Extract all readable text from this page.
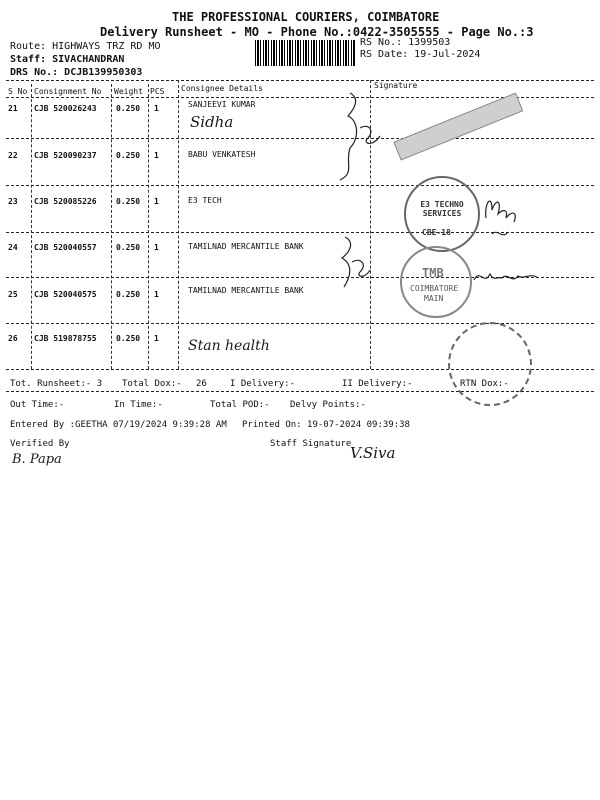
THE PROFESSIONAL COURIERS, COIMBATORE
Delivery Runsheet - MO - Phone No.:0422-3505555 - Page No.:3
Route: HIGHWAYS TRZ RD MO
Staff: SIVACHANDRAN
DRS No.: DCJB139950303
RS No.: 1399503
RS Date: 19-Jul-2024
S No Consignment No Weight PCS Consignee Details	Signature
21 CJB 520026243 0.250 1	SANJEEVI KUMAR
Sidha
22 CJB 520090237 0.250 1	BABU VENKATESH
23 CJB 520085226 0.250 1	E3 TECH
24 CJB 520040557 0.250 1	TAMILNAD MERCANTILE BANK
25 CJB 520040575 0.250 1	TAMILNAD MERCANTILE BANK
26 CJB 519878755 0.250 1 Stan health
E3 TECHNO SERVICES
CBE-18
TMB
COIMBATORE
MAIN
Tot. Runsheet:- 3 Total Dox:- 26	I Delivery:-	II Delivery:-	RTN Dox:-
Out Time:-	In Time:-	Total POD:- Delvy Points:-
Entered By :GEETHA 07/19/2024 9:39:28 AM Printed On: 19-07-2024 09:39:38
Verified By	Staff Signature
B. Papa	V.Siva
